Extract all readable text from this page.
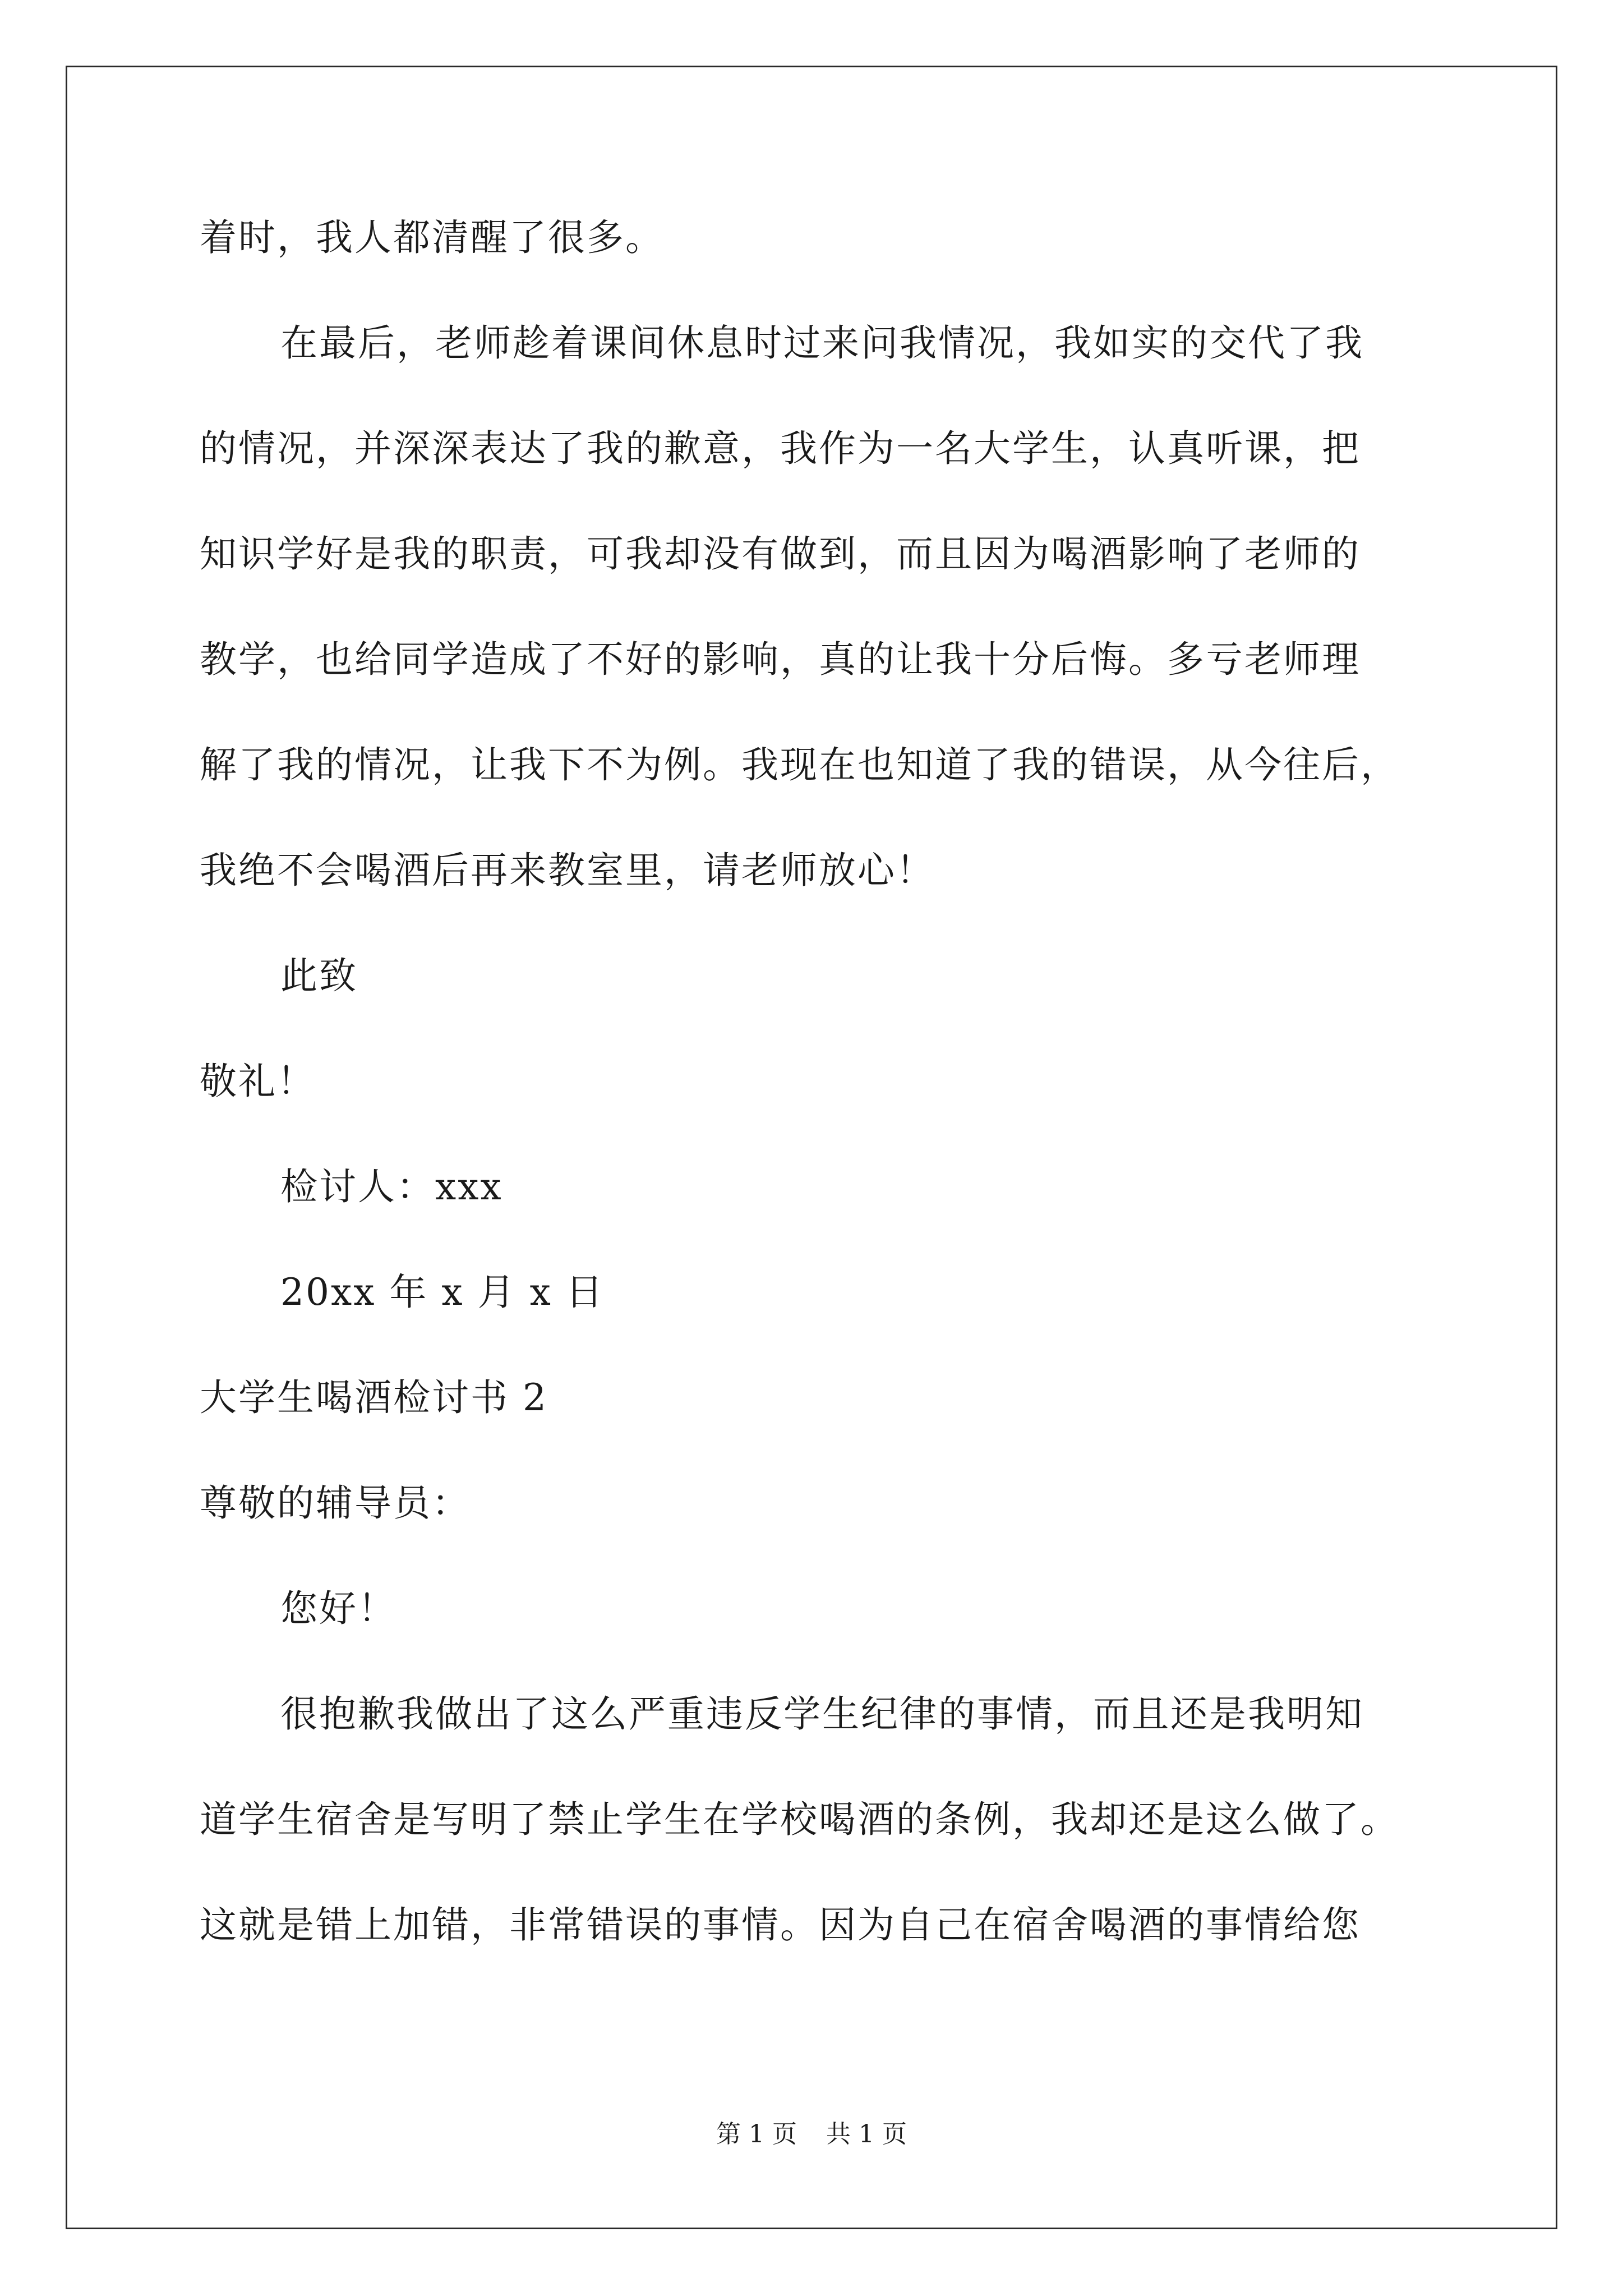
着时，我人都清醒了很多。
在最后，老师趁着课间休息时过来问我情况，我如实的交代了我
的情况，并深深表达了我的歉意，我作为一名大学生，认真听课，把
知识学好是我的职责，可我却没有做到，而且因为喝酒影响了老师的
教学，也给同学造成了不好的影响，真的让我十分后悔。多亏老师理
解了我的情况，让我下不为例。我现在也知道了我的错误，从今往后，
我绝不会喝酒后再来教室里，请老师放心！
此致
敬礼！
检讨人：xxx
20xx 年 x 月 x 日
大学生喝酒检讨书 2
尊敬的辅导员：
您好！
很抱歉我做出了这么严重违反学生纪律的事情，而且还是我明知
道学生宿舍是写明了禁止学生在学校喝酒的条例，我却还是这么做了。
这就是错上加错，非常错误的事情。因为自己在宿舍喝酒的事情给您
第 1 页 共 1 页
